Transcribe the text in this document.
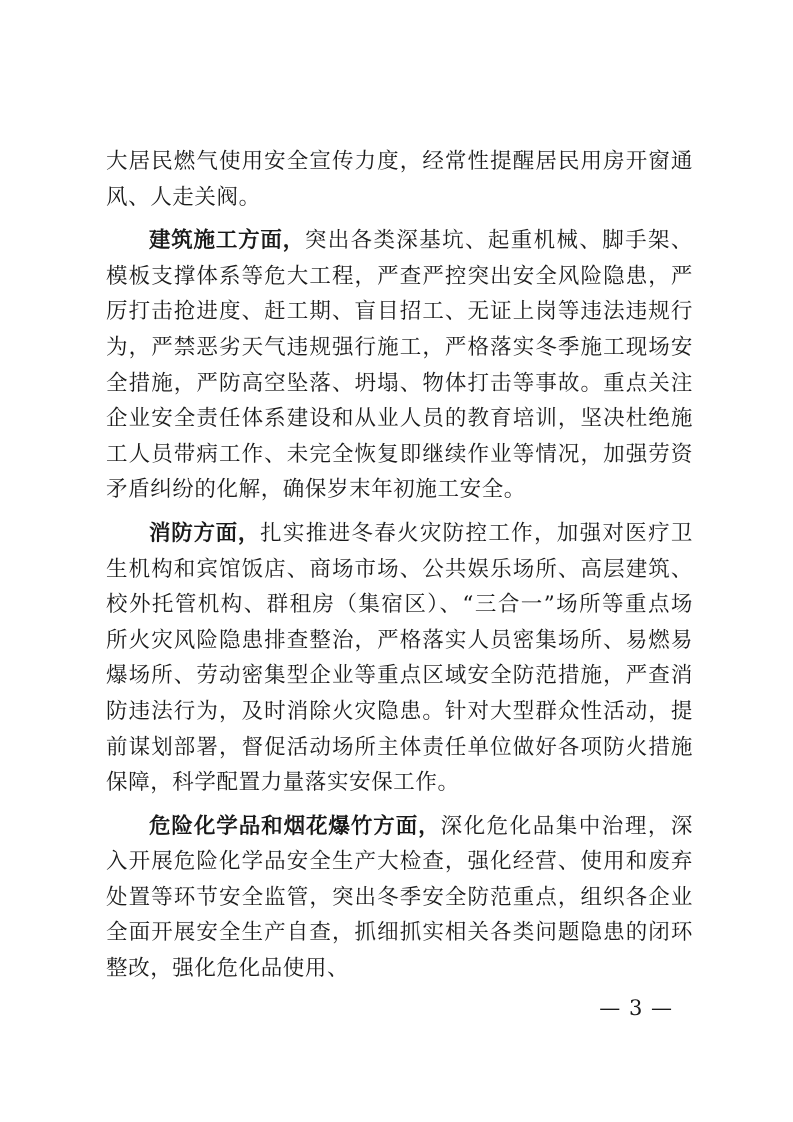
大居民燃气使用安全宣传力度，经常性提醒居民用房开窗通风、人走关阀。

建筑施工方面，突出各类深基坑、起重机械、脚手架、模板支撑体系等危大工程，严查严控突出安全风险隐患，严厉打击抢进度、赶工期、盲目招工、无证上岗等违法违规行为，严禁恶劣天气违规强行施工，严格落实冬季施工现场安全措施，严防高空坠落、坍塌、物体打击等事故。重点关注企业安全责任体系建设和从业人员的教育培训，坚决杜绝施工人员带病工作、未完全恢复即继续作业等情况，加强劳资矛盾纠纷的化解，确保岁末年初施工安全。

消防方面，扎实推进冬春火灾防控工作，加强对医疗卫生机构和宾馆饭店、商场市场、公共娱乐场所、高层建筑、校外托管机构、群租房（集宿区）、“三合一”场所等重点场所火灾风险隐患排查整治，严格落实人员密集场所、易燃易爆场所、劳动密集型企业等重点区域安全防范措施，严查消防违法行为，及时消除火灾隐患。针对大型群众性活动，提前谋划部署，督促活动场所主体责任单位做好各项防火措施保障，科学配置力量落实安保工作。

危险化学品和烟花爆竹方面，深化危化品集中治理，深入开展危险化学品安全生产大检查，强化经营、使用和废弃处置等环节安全监管，突出冬季安全防范重点，组织各企业全面开展安全生产自查，抓细抓实相关各类问题隐患的闭环整改，强化危化品使用、

— 3 —
